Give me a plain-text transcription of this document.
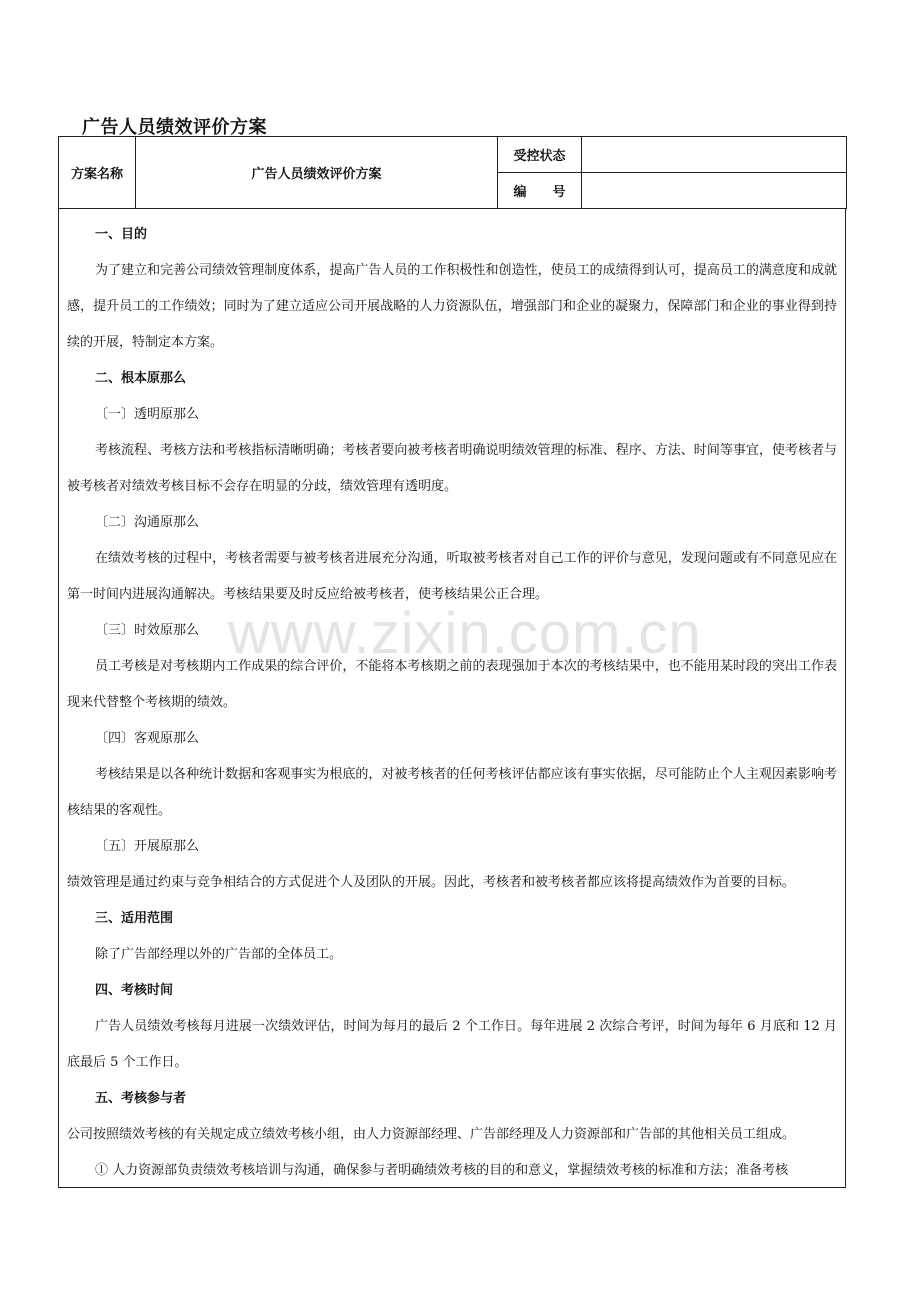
广告人员绩效评价方案
方案名称	广告人员绩效评价方案	受控状态	
		编　　号	

一、目的

为了建立和完善公司绩效管理制度体系，提高广告人员的工作积极性和创造性，使员工的成绩得到认可，提高员工的满意度和成就感，提升员工的工作绩效；同时为了建立适应公司开展战略的人力资源队伍，增强部门和企业的凝聚力，保障部门和企业的事业得到持续的开展，特制定本方案。

二、根本原那么

〔一〕透明原那么

考核流程、考核方法和考核指标清晰明确；考核者要向被考核者明确说明绩效管理的标准、程序、方法、时间等事宜，使考核者与被考核者对绩效考核目标不会存在明显的分歧，绩效管理有透明度。

〔二〕沟通原那么

在绩效考核的过程中，考核者需要与被考核者进展充分沟通，听取被考核者对自己工作的评价与意见，发现问题或有不同意见应在第一时间内进展沟通解决。考核结果要及时反应给被考核者，使考核结果公正合理。

〔三〕时效原那么

员工考核是对考核期内工作成果的综合评价，不能将本考核期之前的表现强加于本次的考核结果中，也不能用某时段的突出工作表现来代替整个考核期的绩效。

〔四〕客观原那么

考核结果是以各种统计数据和客观事实为根底的，对被考核者的任何考核评估都应该有事实依据，尽可能防止个人主观因素影响考核结果的客观性。

〔五〕开展原那么

绩效管理是通过约束与竞争相结合的方式促进个人及团队的开展。因此，考核者和被考核者都应该将提高绩效作为首要的目标。

三、适用范围

除了广告部经理以外的广告部的全体员工。

四、考核时间

广告人员绩效考核每月进展一次绩效评估，时间为每月的最后 2 个工作日。每年进展 2 次综合考评，时间为每年 6 月底和 12 月底最后 5 个工作日。

五、考核参与者

公司按照绩效考核的有关规定成立绩效考核小组，由人力资源部经理、广告部经理及人力资源部和广告部的其他相关员工组成。

① 人力资源部负责绩效考核培训与沟通，确保参与者明确绩效考核的目的和意义，掌握绩效考核的标准和方法；准备考核

www.zixin.com.cn
